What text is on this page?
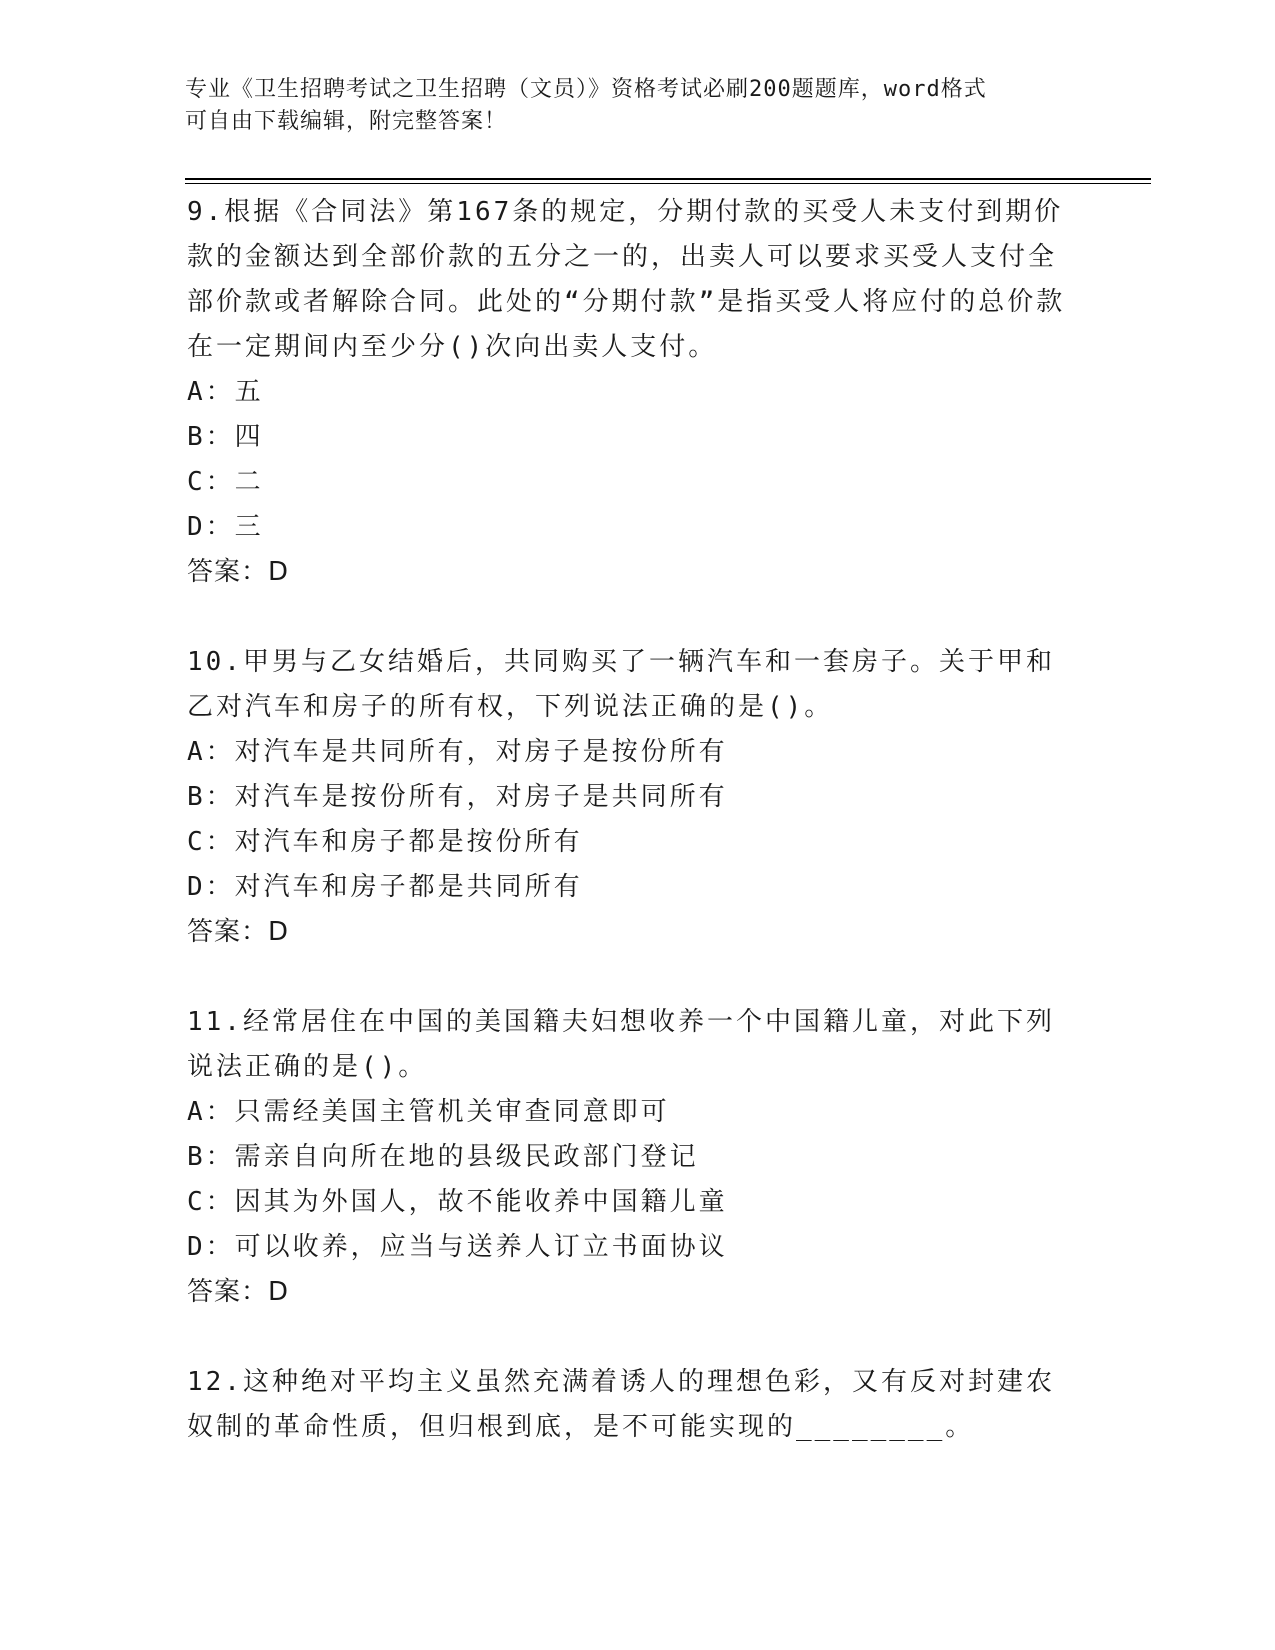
专业《卫生招聘考试之卫生招聘（文员）》资格考试必刷200题题库，word格式
可自由下载编辑，附完整答案！
9.根据《合同法》第167条的规定，分期付款的买受人未支付到期价款的金额达到全部价款的五分之一的，出卖人可以要求买受人支付全部价款或者解除合同。此处的“分期付款”是指买受人将应付的总价款在一定期间内至少分()次向出卖人支付。
A：五
B：四
C：二
D：三
答案：D
10.甲男与乙女结婚后，共同购买了一辆汽车和一套房子。关于甲和乙对汽车和房子的所有权，下列说法正确的是()。
A：对汽车是共同所有，对房子是按份所有
B：对汽车是按份所有，对房子是共同所有
C：对汽车和房子都是按份所有
D：对汽车和房子都是共同所有
答案：D
11.经常居住在中国的美国籍夫妇想收养一个中国籍儿童，对此下列说法正确的是()。
A：只需经美国主管机关审查同意即可
B：需亲自向所在地的县级民政部门登记
C：因其为外国人，故不能收养中国籍儿童
D：可以收养，应当与送养人订立书面协议
答案：D
12.这种绝对平均主义虽然充满着诱人的理想色彩，又有反对封建农奴制的革命性质，但归根到底，是不可能实现的________。
